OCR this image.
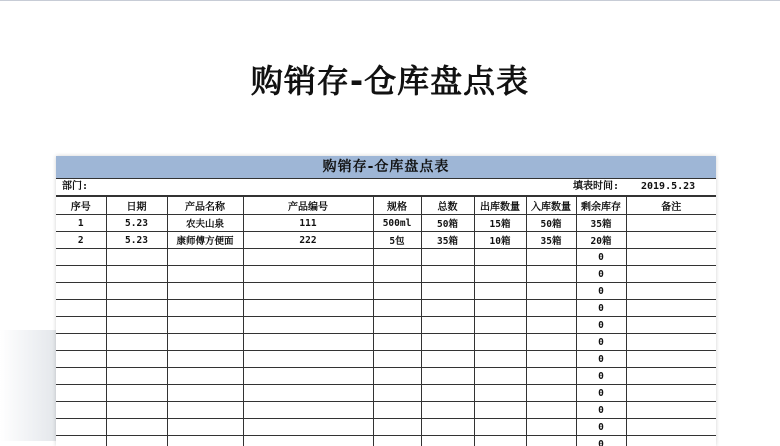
购销存-仓库盘点表
购销存-仓库盘点表
部门:	填表时间: 2019.5.23
序号	日期	产品名称	产品编号	规格	总数	出库数量	入库数量	剩余库存	备注
1	5.23	农夫山泉	111	500ml	50箱	15箱	50箱	35箱	
2	5.23	康师傅方便面	222	5包	35箱	10箱	35箱	20箱	
								0	
								0	
								0	
								0	
								0	
								0	
								0	
								0	
								0	
								0	
								0	
								0	
